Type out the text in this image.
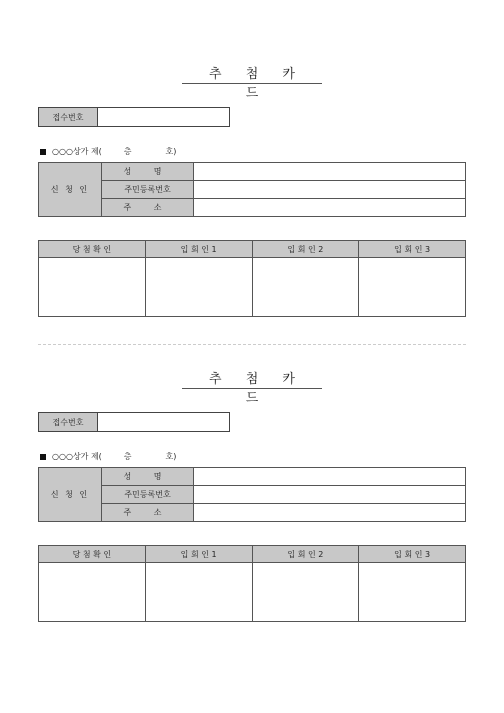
추 첨 카 드
접수번호
○○○상가 제(	층	호)
신 청 인	성 명	
	주민등록번호	
	주 소	
당 첨 확 인	입 회 인 1	입 회 인 2	입 회 인 3

추 첨 카 드
접수번호
○○○상가 제(	층	호)
신 청 인	성 명	
	주민등록번호	
	주 소	
당 첨 확 인	입 회 인 1	입 회 인 2	입 회 인 3
